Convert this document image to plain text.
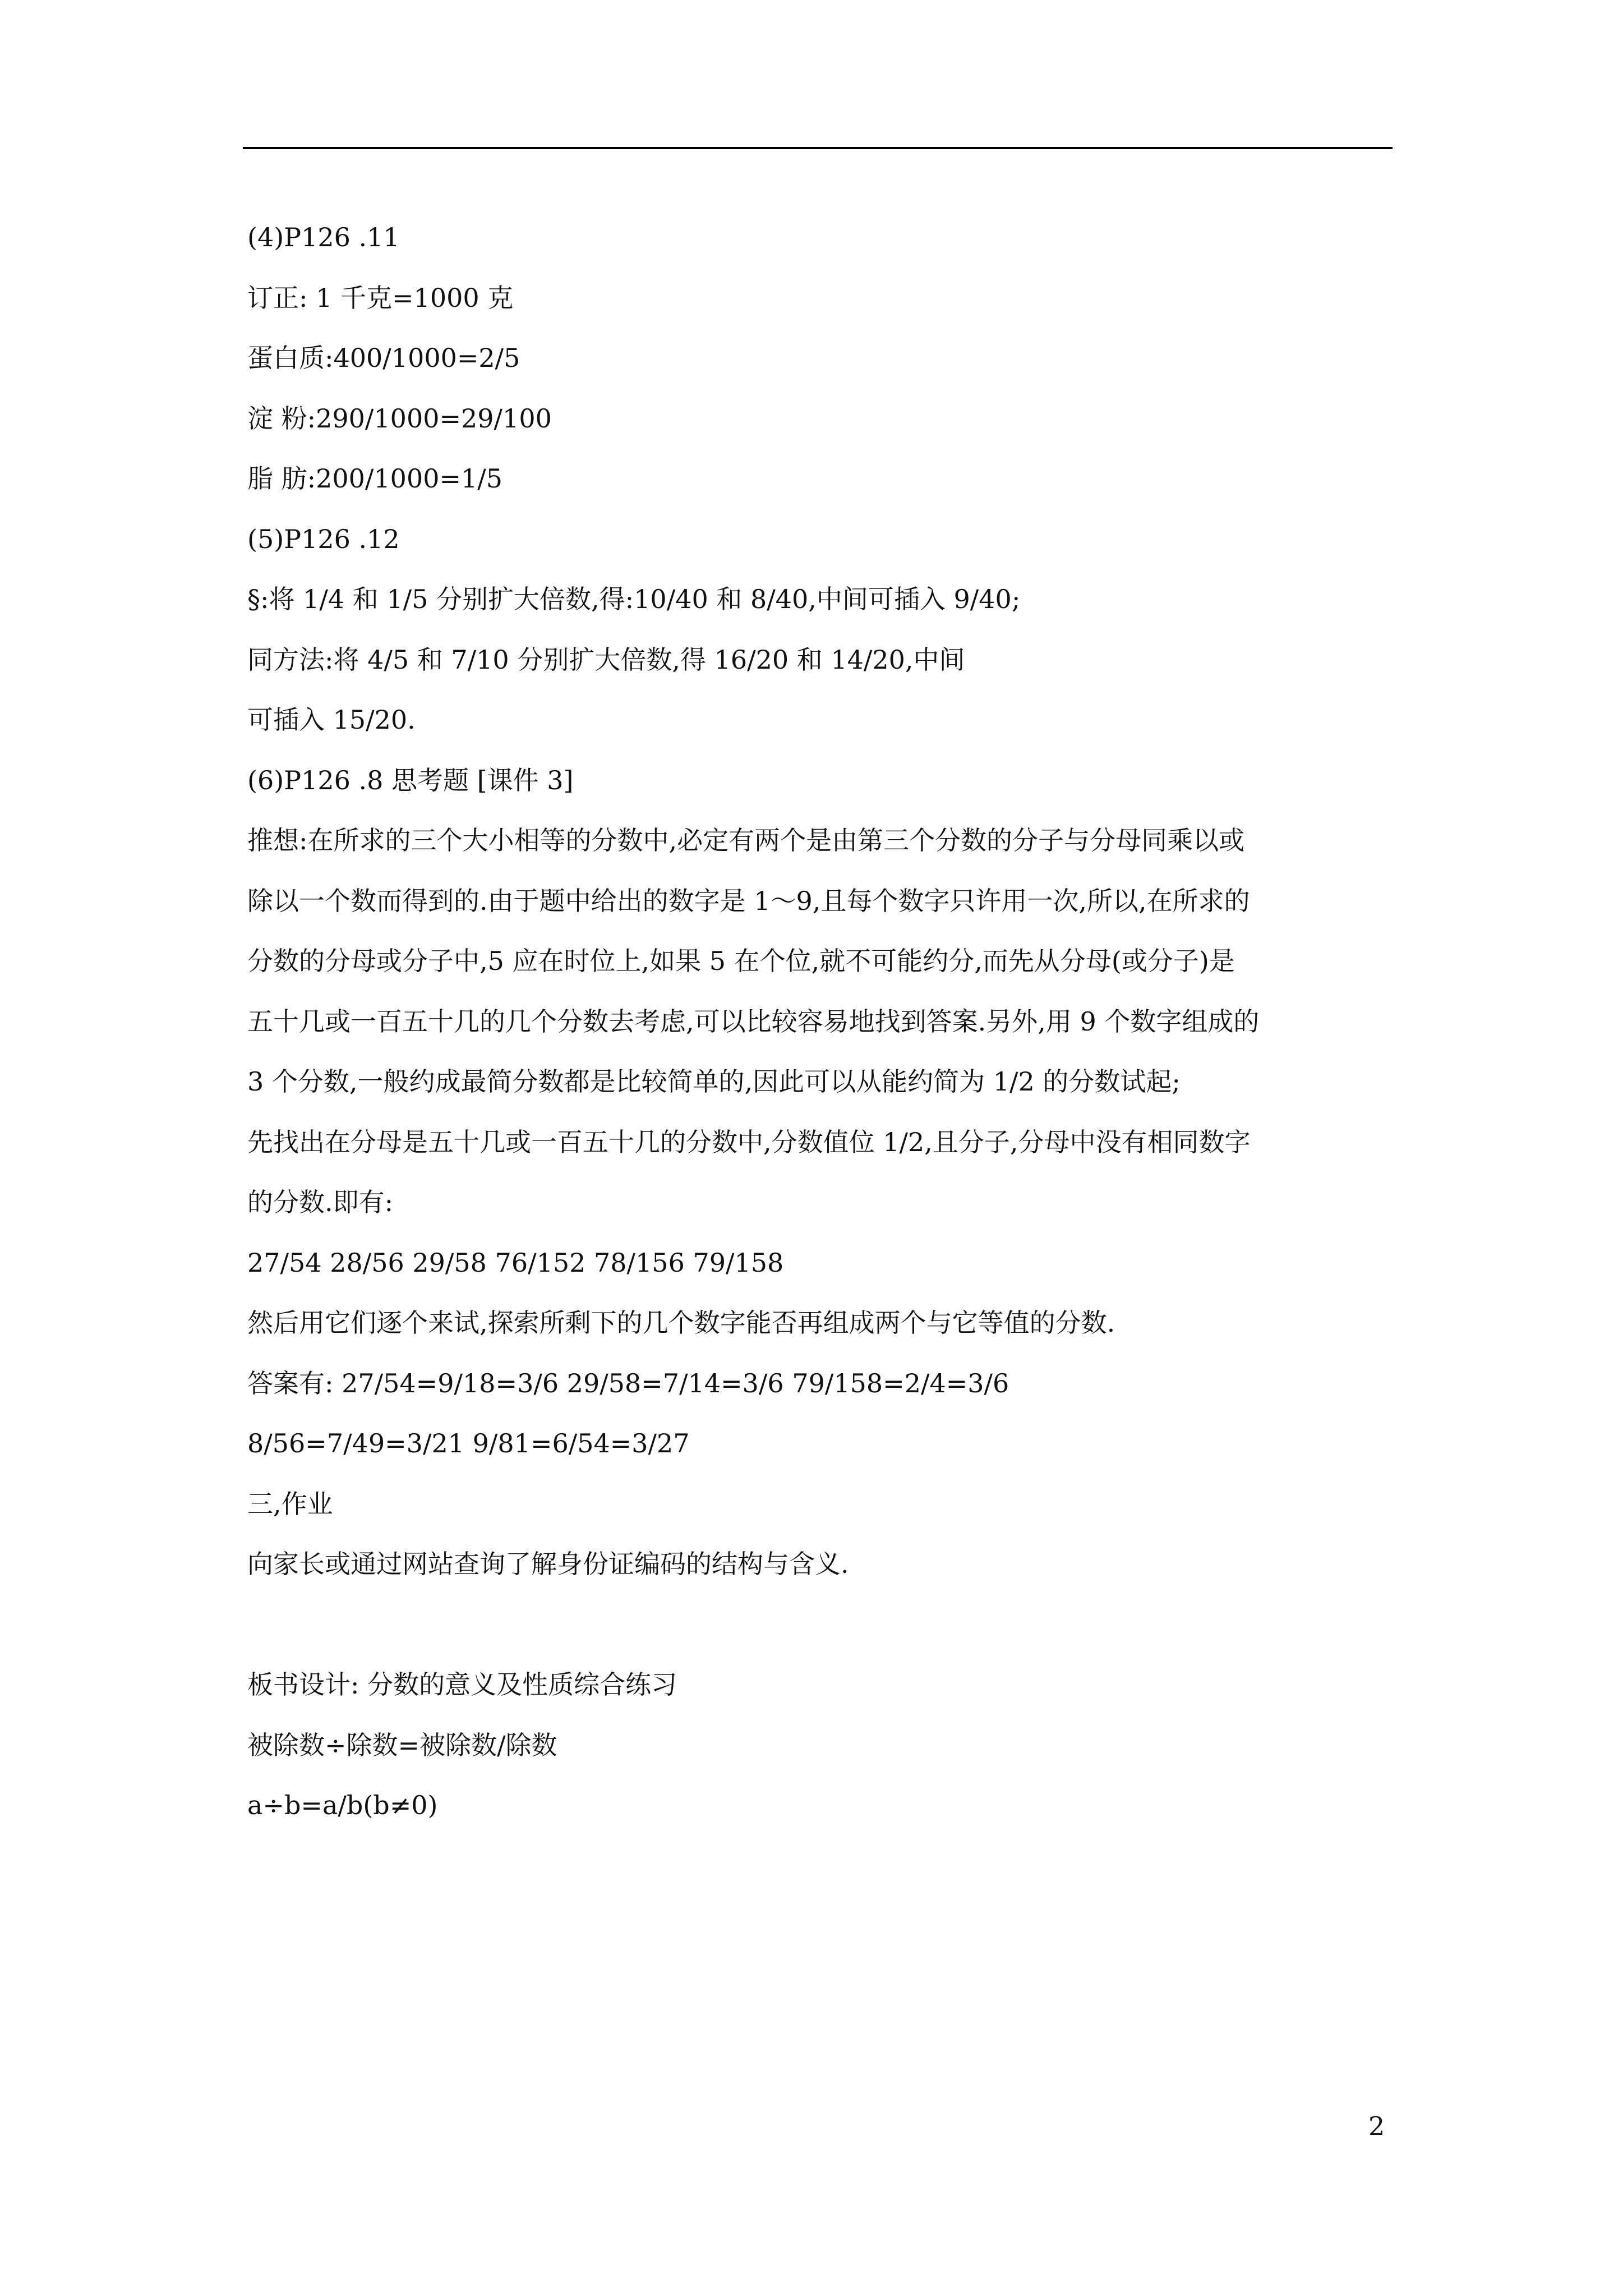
(4)P126 .11
订正: 1 千克=1000 克
蛋白质:400/1000=2/5
淀 粉:290/1000=29/100
脂 肪:200/1000=1/5
(5)P126 .12
§:将 1/4 和 1/5 分别扩大倍数,得:10/40 和 8/40,中间可插入 9/40;
同方法:将 4/5 和 7/10 分别扩大倍数,得 16/20 和 14/20,中间
可插入 15/20.
(6)P126 .8 思考题 [课件 3]
推想:在所求的三个大小相等的分数中,必定有两个是由第三个分数的分子与分母同乘以或
除以一个数而得到的.由于题中给出的数字是 1～9,且每个数字只许用一次,所以,在所求的
分数的分母或分子中,5 应在时位上,如果 5 在个位,就不可能约分,而先从分母(或分子)是
五十几或一百五十几的几个分数去考虑,可以比较容易地找到答案.另外,用 9 个数字组成的
3 个分数,一般约成最简分数都是比较简单的,因此可以从能约简为 1/2 的分数试起;
先找出在分母是五十几或一百五十几的分数中,分数值位 1/2,且分子,分母中没有相同数字
的分数.即有:
27/54 28/56 29/58 76/152 78/156 79/158
然后用它们逐个来试,探索所剩下的几个数字能否再组成两个与它等值的分数.
答案有: 27/54=9/18=3/6 29/58=7/14=3/6 79/158=2/4=3/6
8/56=7/49=3/21 9/81=6/54=3/27
三,作业
向家长或通过网站查询了解身份证编码的结构与含义.
板书设计: 分数的意义及性质综合练习
被除数÷除数=被除数/除数
a÷b=a/b(b≠0)
2
